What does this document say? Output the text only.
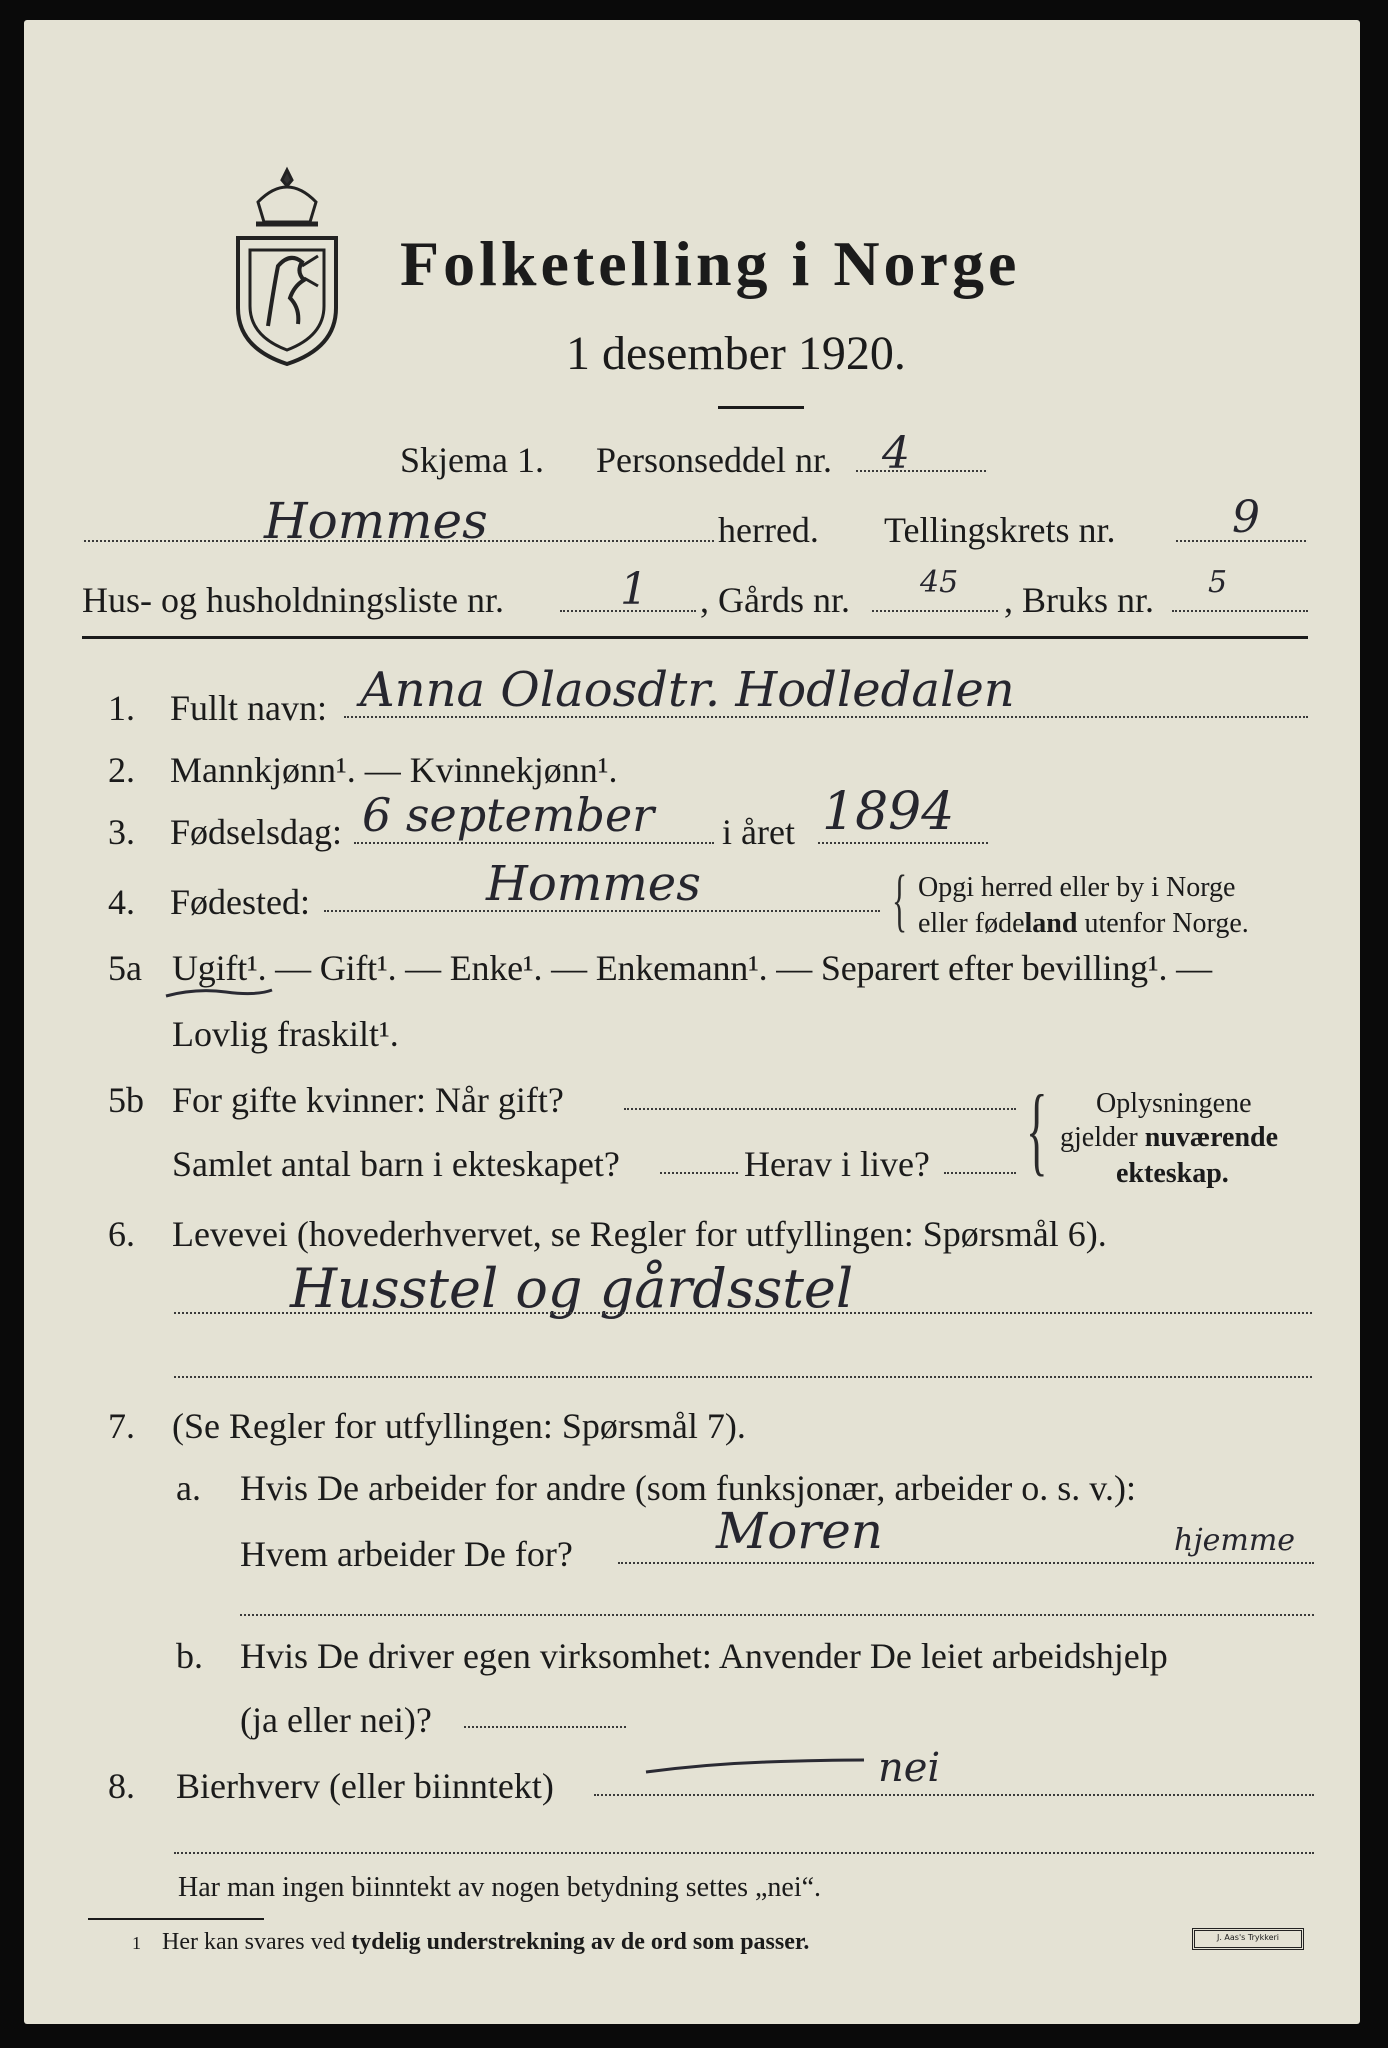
Folketelling i Norge
1 desember 1920.
Skjema 1. Personseddel nr. 4
Hommes	herred. Tellingskrets nr.	9
Hus- og husholdningsliste nr.	1 , Gårds nr. 45 , Bruks nr. 5
1. Fullt navn: Anna Olaosdtr. Hodledalen
2. Mannkjønn¹. — Kvinnekjønn¹.
3. Fødselsdag: 6 september i året 1894
4. Fødested:	Hommes	{ Opgi herred eller by i Norge
eller fødeland utenfor Norge.
5a Ugift¹. — Gift¹. — Enke¹. — Enkemann¹. — Separert efter bevilling¹. —
Lovlig fraskilt¹.
5b For gifte kvinner: Når gift?
Samlet antal barn i ekteskapet?	Herav i live? { Oplysningene
gjelder nuværende
ekteskap.
6. Levevei (hovederhvervet, se Regler for utfyllingen: Spørsmål 6).
Husstel og gårdsstel
7. (Se Regler for utfyllingen: Spørsmål 7).
a. Hvis De arbeider for andre (som funksjonær, arbeider o. s. v.):
Hvem arbeider De for?	Moren	hjemme
b. Hvis De driver egen virksomhet: Anvender De leiet arbeidshjelp
(ja eller nei)?
8. Bierhverv (eller biinntekt)	nei
Har man ingen biinntekt av nogen betydning settes „nei“.
1 Her kan svares ved tydelig understrekning av de ord som passer.	J. Aas's Trykkeri
